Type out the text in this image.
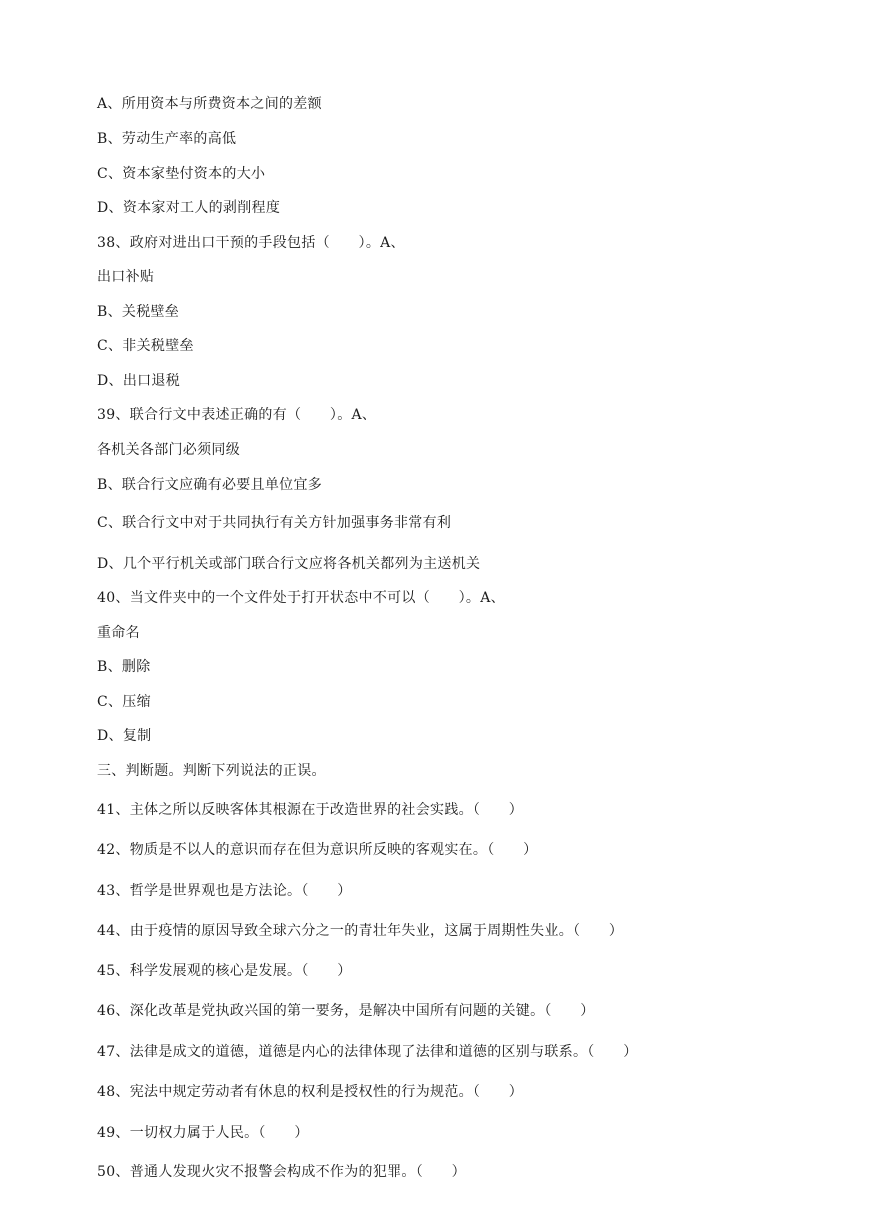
A、所用资本与所费资本之间的差额
B、劳动生产率的高低
C、资本家垫付资本的大小
D、资本家对工人的剥削程度
38、政府对进出口干预的手段包括（　　）。A、
出口补贴
B、关税壁垒
C、非关税壁垒
D、出口退税
39、联合行文中表述正确的有（　　）。A、
各机关各部门必须同级
B、联合行文应确有必要且单位宜多
C、联合行文中对于共同执行有关方针加强事务非常有利
D、几个平行机关或部门联合行文应将各机关都列为主送机关
40、当文件夹中的一个文件处于打开状态中不可以（　　）。A、
重命名
B、删除
C、压缩
D、复制
三、判断题。判断下列说法的正误。
41、主体之所以反映客体其根源在于改造世界的社会实践。（　　）
42、物质是不以人的意识而存在但为意识所反映的客观实在。（　　）
43、哲学是世界观也是方法论。（　　）
44、由于疫情的原因导致全球六分之一的青壮年失业，这属于周期性失业。（　　）
45、科学发展观的核心是发展。（　　）
46、深化改革是党执政兴国的第一要务，是解决中国所有问题的关键。（　　）
47、法律是成文的道德，道德是内心的法律体现了法律和道德的区别与联系。（　　）
48、宪法中规定劳动者有休息的权利是授权性的行为规范。（　　）
49、一切权力属于人民。（　　）
50、普通人发现火灾不报警会构成不作为的犯罪。（　　）
